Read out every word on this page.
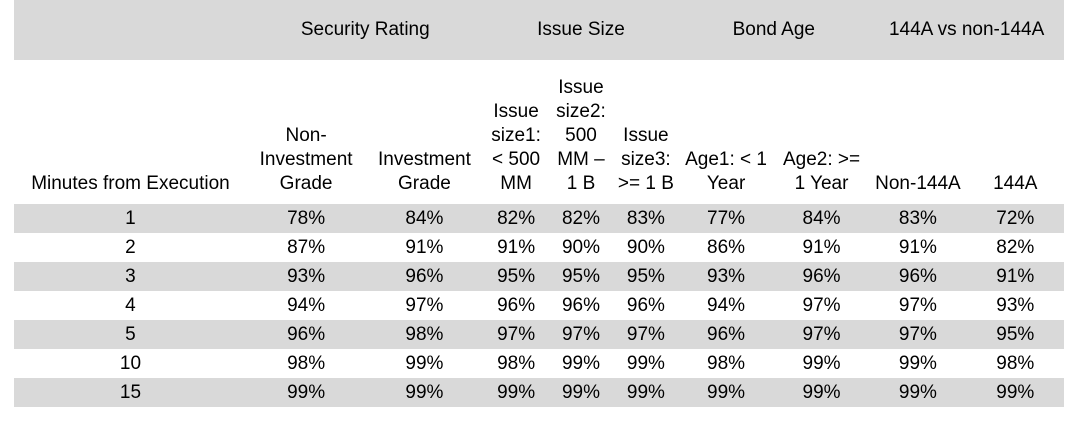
	Security Rating		Issue Size			Bond Age		144A vs non-144A	
Minutes from Execution	Non-Investment Grade	Investment Grade	Issue size1: < 500 MM	Issue size2: 500 MM – 1 B	Issue size3: >= 1 B	Age1: < 1 Year	Age2: >= 1 Year	Non-144A	144A
1	78%	84%	82%	82%	83%	77%	84%	83%	72%
2	87%	91%	91%	90%	90%	86%	91%	91%	82%
3	93%	96%	95%	95%	95%	93%	96%	96%	91%
4	94%	97%	96%	96%	96%	94%	97%	97%	93%
5	96%	98%	97%	97%	97%	96%	97%	97%	95%
10	98%	99%	98%	99%	99%	98%	99%	99%	98%
15	99%	99%	99%	99%	99%	99%	99%	99%	99%
